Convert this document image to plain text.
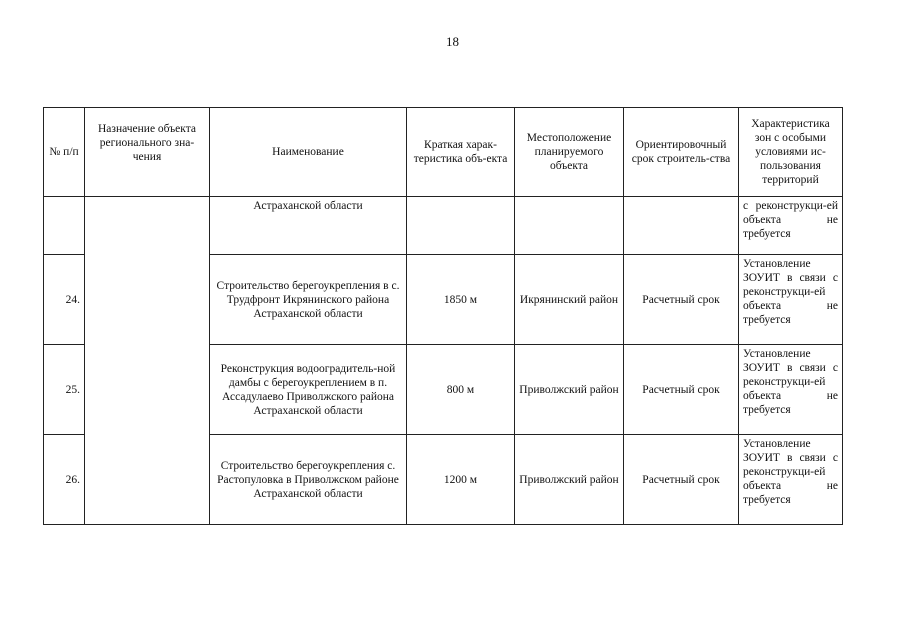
18
№ п/п	Назначение объекта регионального зна-чения	Наименование	Краткая харак-теристика объ-екта	Местоположение планируемого объекта	Ориентировочный срок строитель-ства	Характеристика зон с особыми условиями ис-пользования территорий
		Астраханской области				с реконструкци-ей объекта не требуется
24.		Строительство берегоукрепления в с. Трудфронт Икрянинского района Астраханской области	1850 м	Икрянинский район	Расчетный срок	Установление ЗОУИТ в связи с реконструкци-ей объекта не требуется
25.		Реконструкция водооградитель-ной дамбы с берегоукреплением в п. Ассадулаево Приволжского района Астраханской области	800 м	Приволжский район	Расчетный срок	Установление ЗОУИТ в связи с реконструкци-ей объекта не требуется
26.		Строительство берегоукрепления с. Растопуловка в Приволжском районе Астраханской области	1200 м	Приволжский район	Расчетный срок	Установление ЗОУИТ в связи с реконструкци-ей объекта не требуется
